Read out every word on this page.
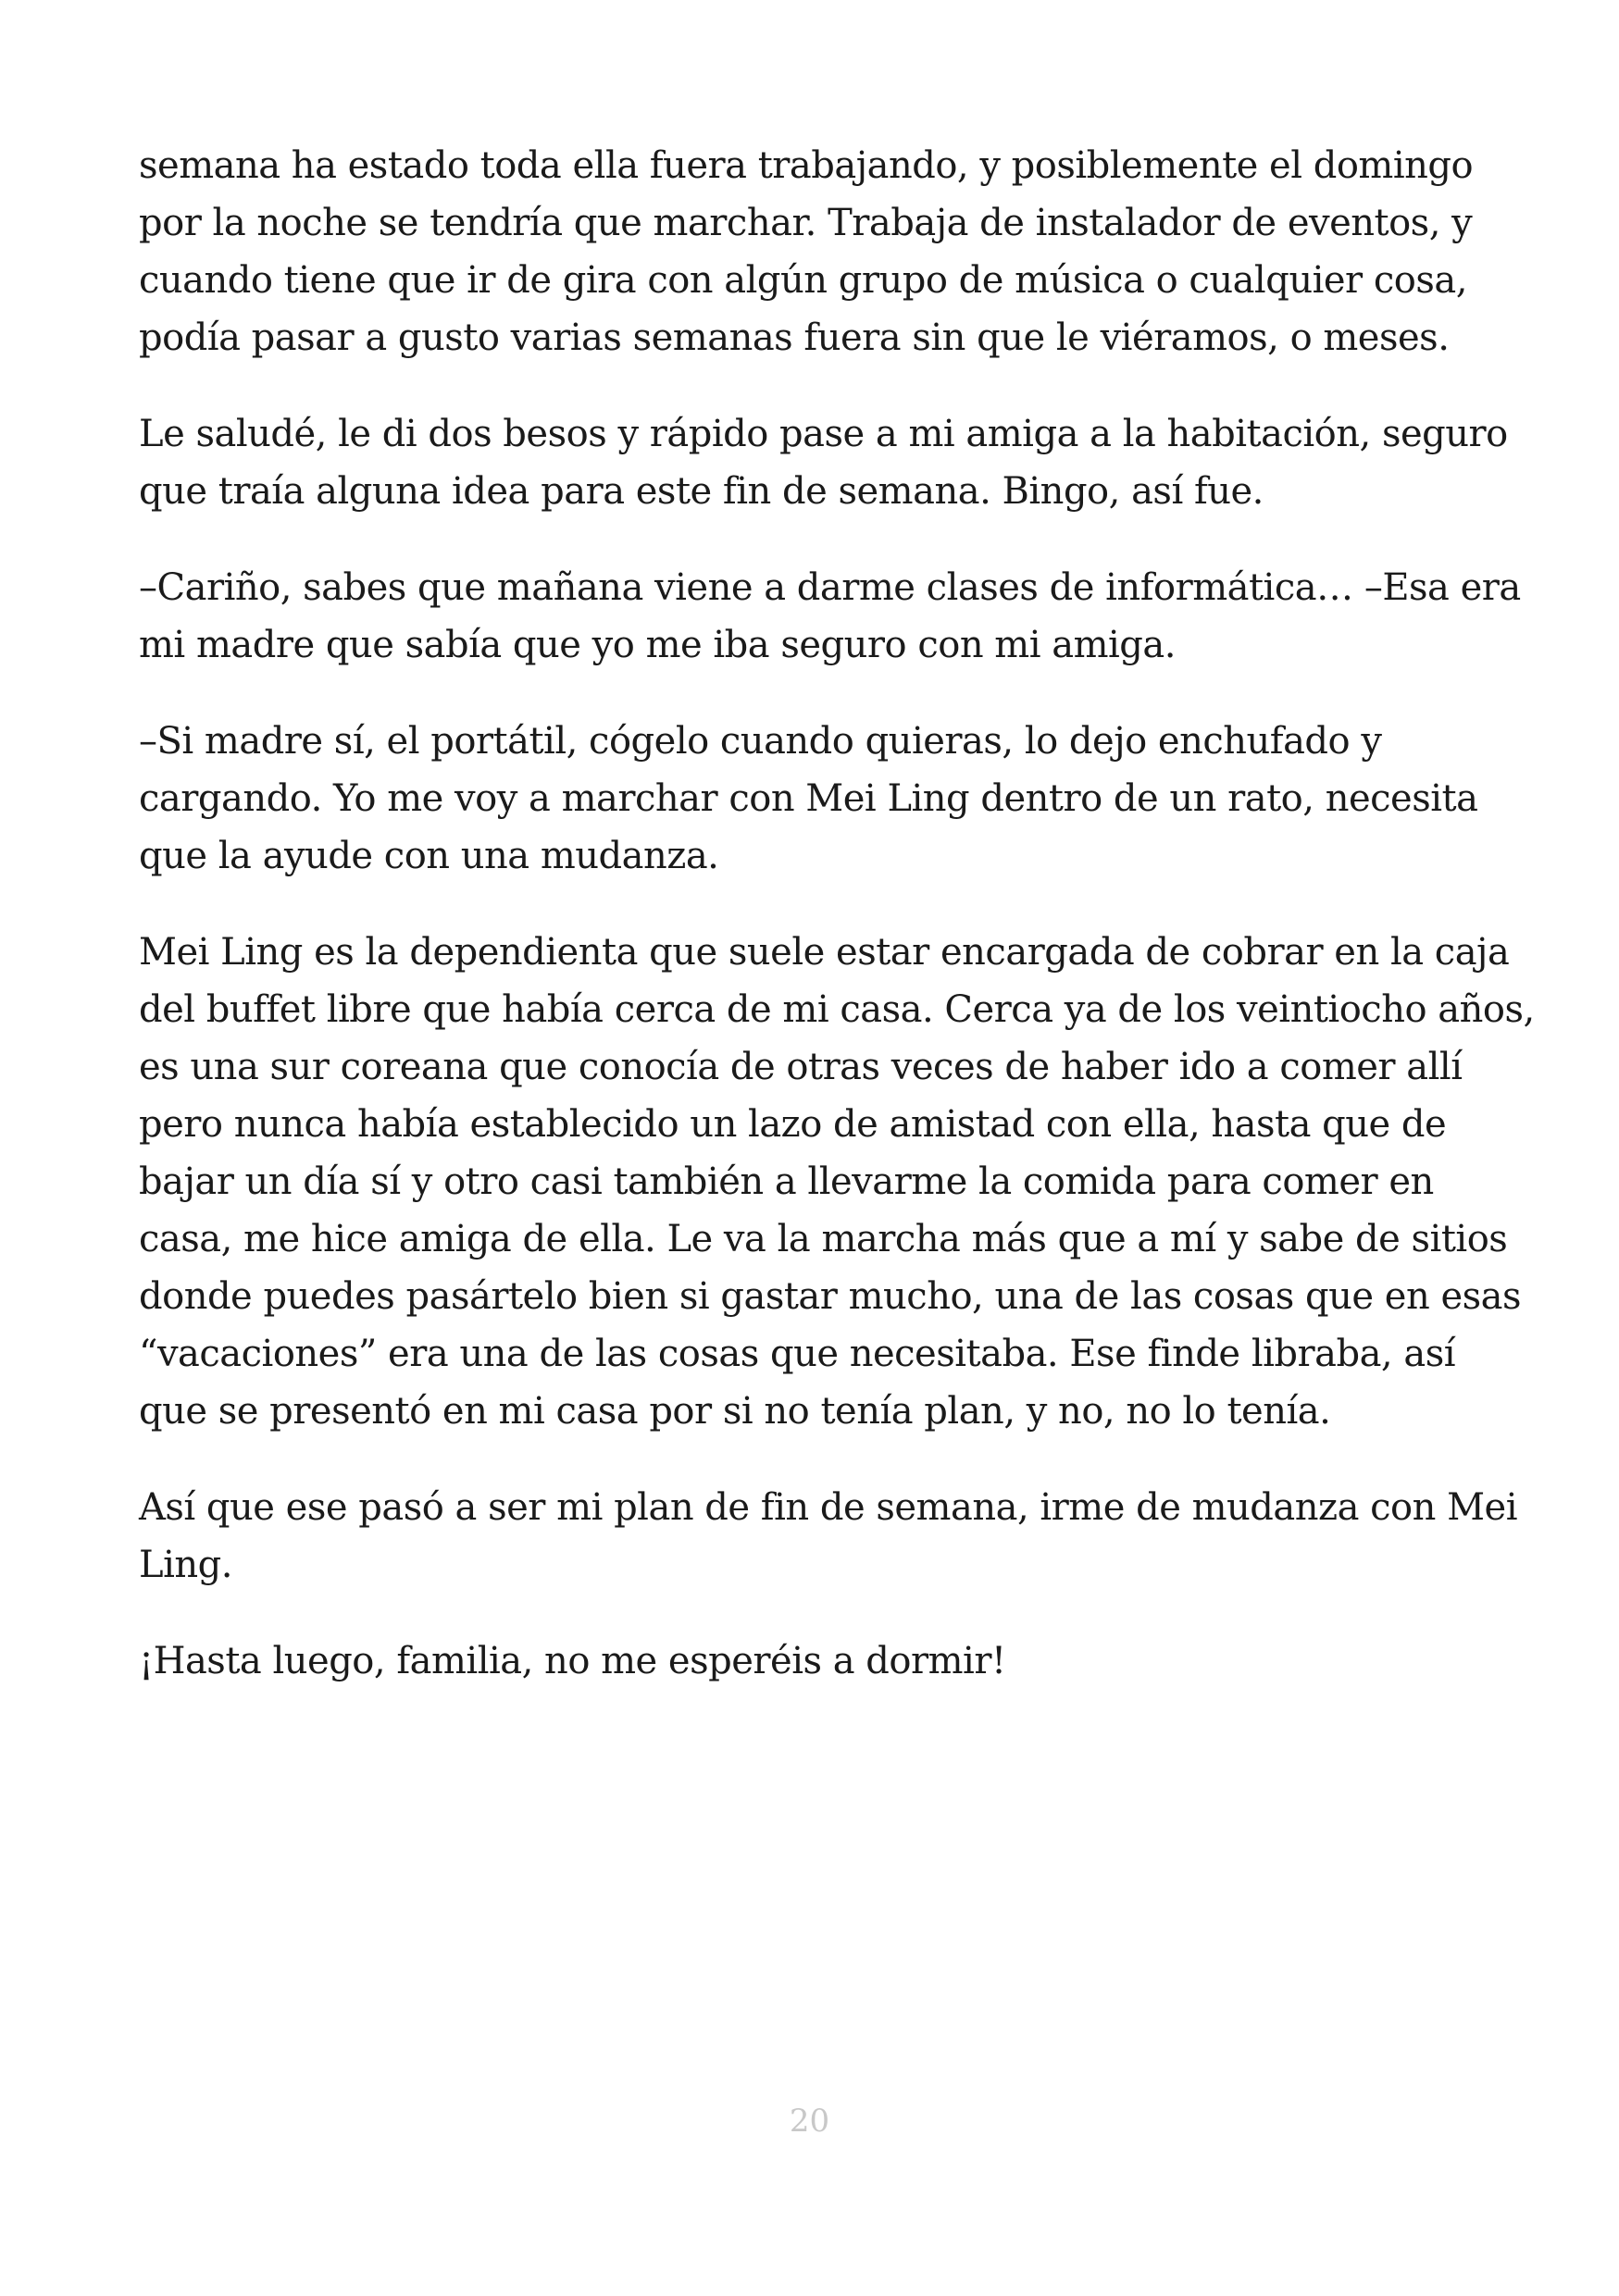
semana ha estado toda ella fuera trabajando, y posiblemente el domingo
por la noche se tendría que marchar. Trabaja de instalador de eventos, y
cuando tiene que ir de gira con algún grupo de música o cualquier cosa,
podía pasar a gusto varias semanas fuera sin que le viéramos, o meses.

Le saludé, le di dos besos y rápido pase a mi amiga a la habitación, seguro
que traía alguna idea para este fin de semana. Bingo, así fue.

–Cariño, sabes que mañana viene a darme clases de informática… –Esa era
mi madre que sabía que yo me iba seguro con mi amiga.

–Si madre sí, el portátil, cógelo cuando quieras, lo dejo enchufado y
cargando. Yo me voy a marchar con Mei Ling dentro de un rato, necesita
que la ayude con una mudanza.

Mei Ling es la dependienta que suele estar encargada de cobrar en la caja
del buffet libre que había cerca de mi casa. Cerca ya de los veintiocho años,
es una sur coreana que conocía de otras veces de haber ido a comer allí
pero nunca había establecido un lazo de amistad con ella, hasta que de
bajar un día sí y otro casi también a llevarme la comida para comer en
casa, me hice amiga de ella. Le va la marcha más que a mí y sabe de sitios
donde puedes pasártelo bien si gastar mucho, una de las cosas que en esas
“vacaciones” era una de las cosas que necesitaba. Ese finde libraba, así
que se presentó en mi casa por si no tenía plan, y no, no lo tenía.

Así que ese pasó a ser mi plan de fin de semana, irme de mudanza con Mei
Ling.

¡Hasta luego, familia, no me esperéis a dormir!

20
